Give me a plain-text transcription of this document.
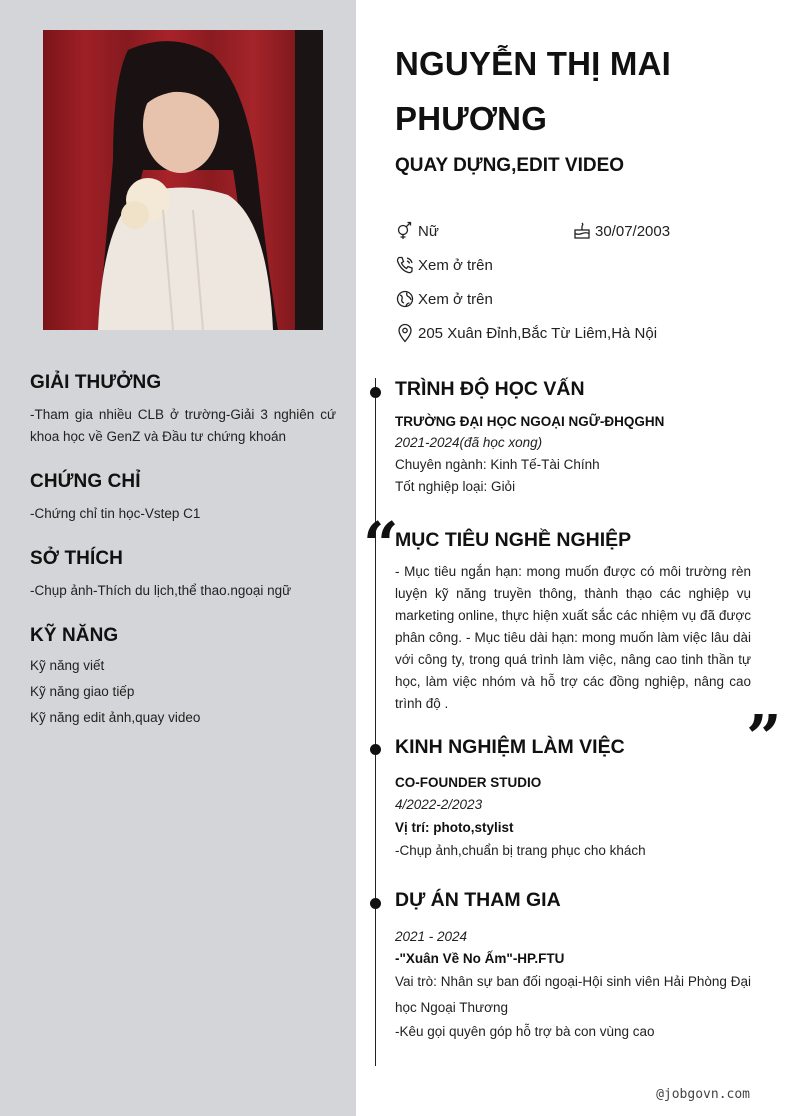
GIẢI THƯỞNG
-Tham gia nhiều CLB ở trường-Giải 3 nghiên cứ khoa học về GenZ và Đầu tư chứng khoán
CHỨNG CHỈ
-Chứng chỉ tin học-Vstep C1
SỞ THÍCH
-Chụp ảnh-Thích du lịch,thể thao.ngoại ngữ
KỸ NĂNG
Kỹ năng viết
Kỹ năng giao tiếp
Kỹ năng edit ảnh,quay video
NGUYỄN THỊ MAI PHƯƠNG
QUAY DỰNG,EDIT VIDEO
Nữ	30/07/2003
Xem ở trên
Xem ở trên
205 Xuân Đỉnh,Bắc Từ Liêm,Hà Nội
TRÌNH ĐỘ HỌC VẤN
TRƯỜNG ĐẠI HỌC NGOẠI NGỮ-ĐHQGHN
2021-2024(đã học xong)
Chuyên ngành: Kinh Tế-Tài Chính
Tốt nghiệp loại: Giỏi
“
MỤC TIÊU NGHỀ NGHIỆP
- Mục tiêu ngắn hạn: mong muốn được có môi trường rèn luyện kỹ năng truyền thông, thành thạo các nghiệp vụ marketing online, thực hiện xuất sắc các nhiệm vụ đã được phân công. - Mục tiêu dài hạn: mong muốn làm việc lâu dài với công ty, trong quá trình làm việc, nâng cao tinh thần tự học, làm việc nhóm và hỗ trợ các đồng nghiệp, nâng cao trình độ .	”
KINH NGHIỆM LÀM VIỆC
CO-FOUNDER STUDIO
4/2022-2/2023
Vị trí: photo,stylist
-Chụp ảnh,chuẩn bị trang phục cho khách
DỰ ÁN THAM GIA
2021 - 2024
-"Xuân Về No Ấm"-HP.FTU
Vai trò: Nhân sự ban đối ngoại-Hội sinh viên Hải Phòng Đại học Ngoại Thương
-Kêu gọi quyên góp hỗ trợ bà con vùng cao
@jobgovn.com
